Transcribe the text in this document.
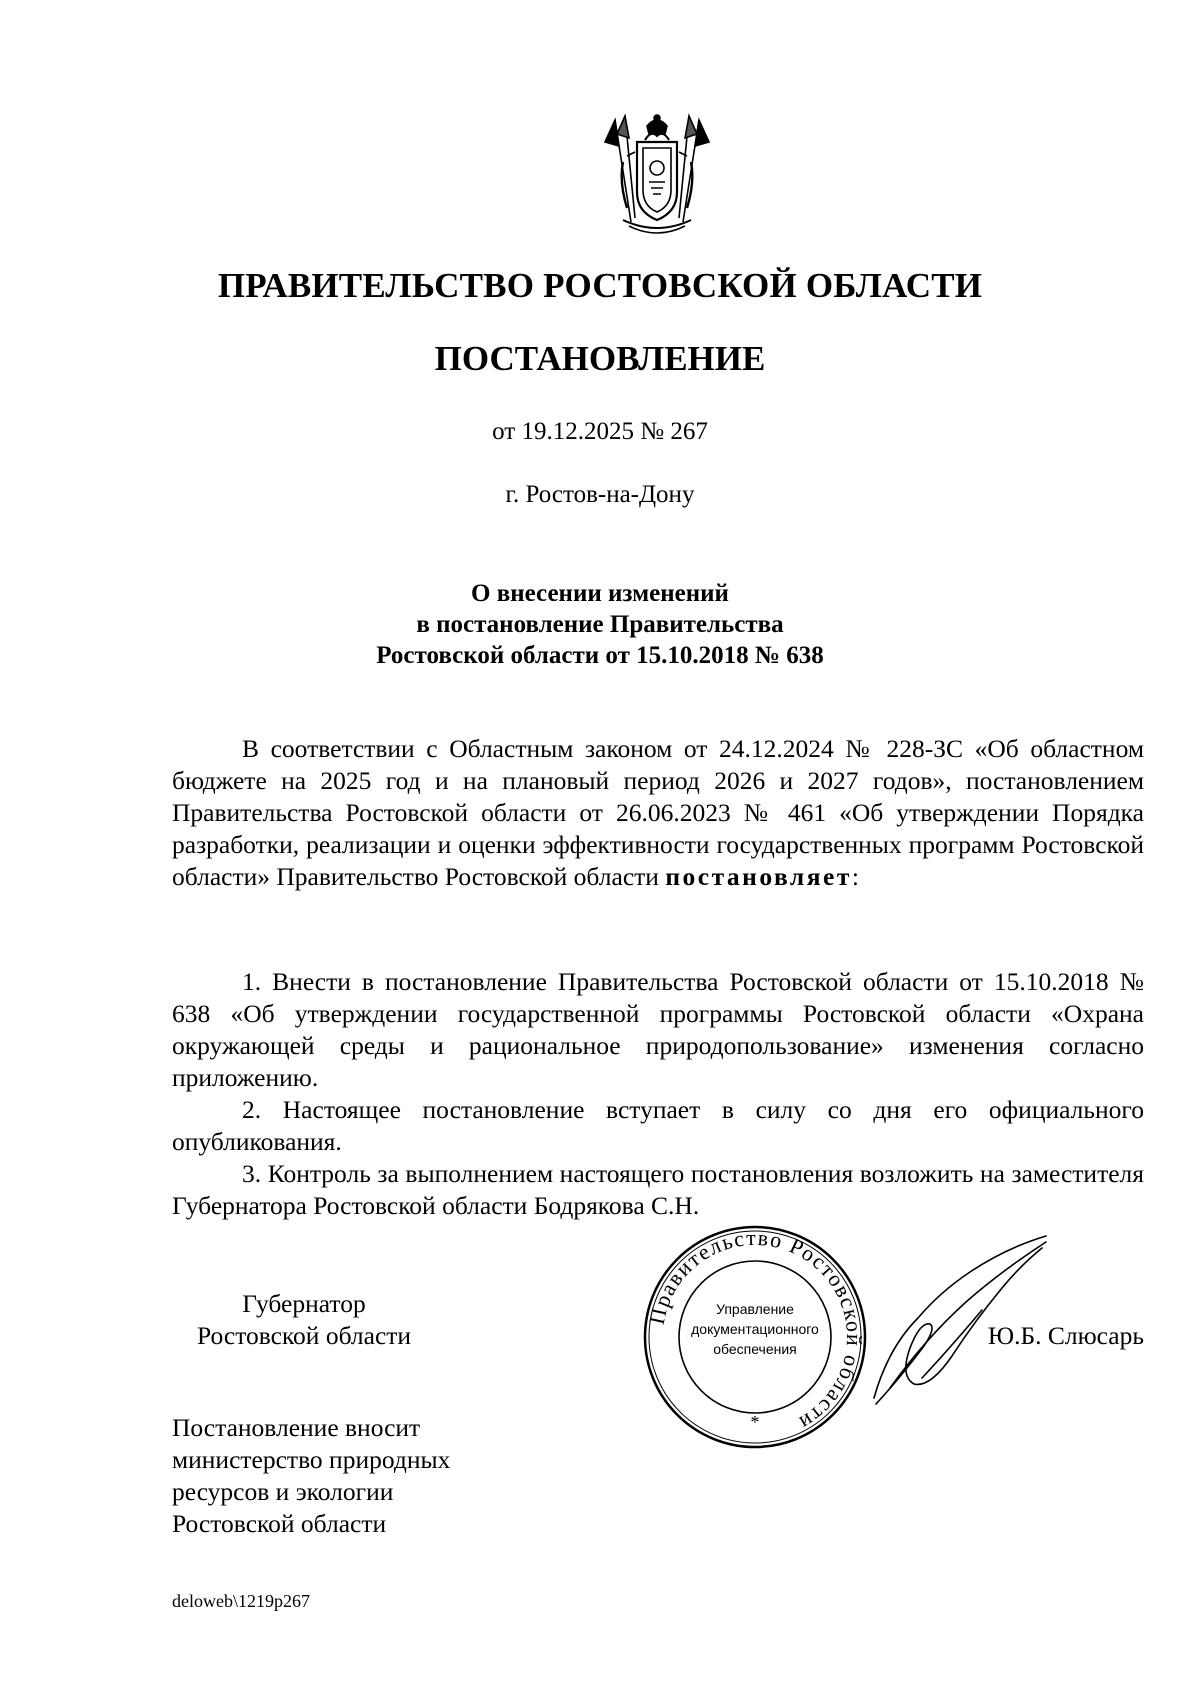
ПРАВИТЕЛЬСТВО РОСТОВСКОЙ ОБЛАСТИ
ПОСТАНОВЛЕНИЕ
от 19.12.2025 № 267
г. Ростов-на-Дону
О внесении изменений
в постановление Правительства
Ростовской области от 15.10.2018 № 638
В соответствии с Областным законом от 24.12.2024 № 228-ЗС «Об областном бюджете на 2025 год и на плановый период 2026 и 2027 годов», постановлением Правительства Ростовской области от 26.06.2023 № 461 «Об утверждении Порядка разработки, реализации и оценки эффективности государственных программ Ростовской области» Правительство Ростовской области постановляет:

1. Внести в постановление Правительства Ростовской области от 15.10.2018 № 638 «Об утверждении государственной программы Ростовской области «Охрана окружающей среды и рациональное природопользование» изменения согласно приложению.

2. Настоящее постановление вступает в силу со дня его официального опубликования.

3. Контроль за выполнением настоящего постановления возложить на заместителя Губернатора Ростовской области Бодрякова С.Н.

Губернатор
Ростовской области
Правительство Ростовской области
Управление
документационного
обеспечения
*
Ю.Б. Слюсарь
Постановление вносит
министерство природных
ресурсов и экологии
Ростовской области
deloweb\1219p267
